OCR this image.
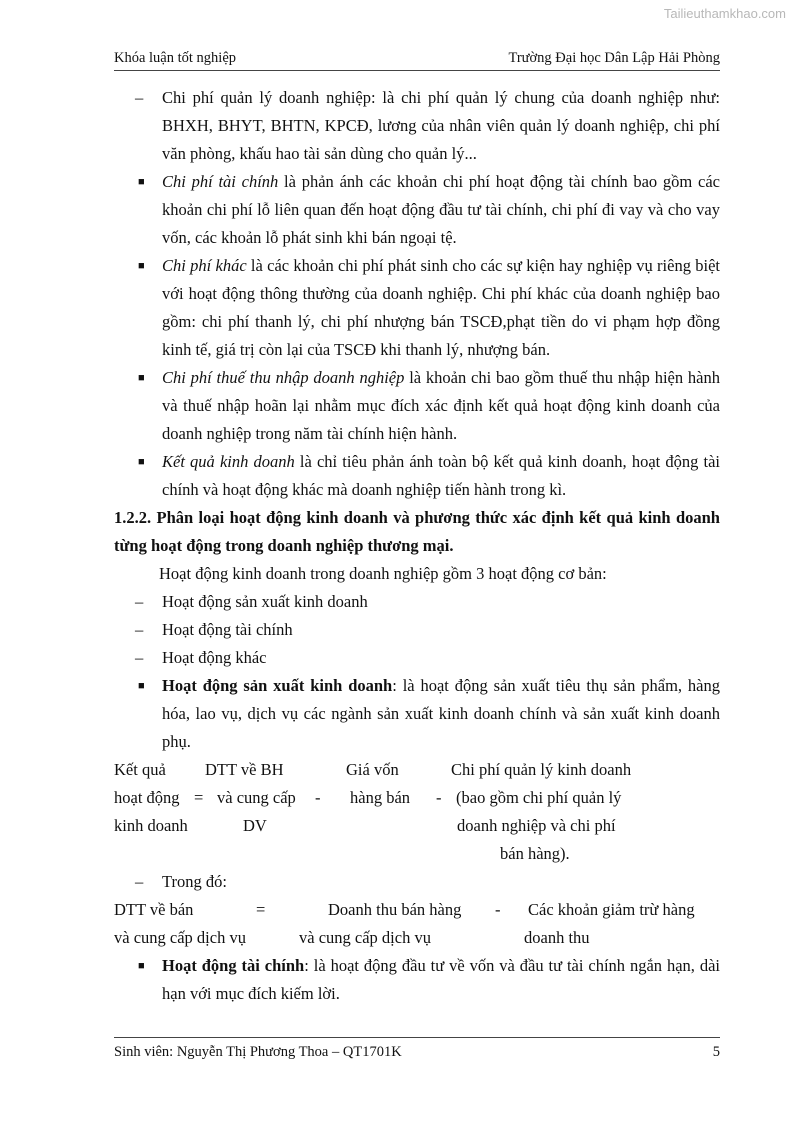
Tailieuthamkhao.com
Khóa luận tốt nghiệp	Trường Đại học Dân Lập Hải Phòng
– Chi phí quản lý doanh nghiệp: là chi phí quản lý chung của doanh nghiệp như: BHXH, BHYT, BHTN, KPCĐ, lương của nhân viên quản lý doanh nghiệp, chi phí văn phòng, khấu hao tài sản dùng cho quản lý...
■ Chi phí tài chính là phản ánh các khoản chi phí hoạt động tài chính bao gồm các khoản chi phí lỗ liên quan đến hoạt động đầu tư tài chính, chi phí đi vay và cho vay vốn, các khoản lỗ phát sinh khi bán ngoại tệ.
■ Chi phí khác là các khoản chi phí phát sinh cho các sự kiện hay nghiệp vụ riêng biệt với hoạt động thông thường của doanh nghiệp. Chi phí khác của doanh nghiệp bao gồm: chi phí thanh lý, chi phí nhượng bán TSCĐ,phạt tiền do vi phạm hợp đồng kinh tế, giá trị còn lại của TSCĐ khi thanh lý, nhượng bán.
■ Chi phí thuế thu nhập doanh nghiệp là khoản chi bao gồm thuế thu nhập hiện hành và thuế nhập hoãn lại nhằm mục đích xác định kết quả hoạt động kinh doanh của doanh nghiệp trong năm tài chính hiện hành.
■ Kết quả kinh doanh là chỉ tiêu phản ánh toàn bộ kết quả kinh doanh, hoạt động tài chính và hoạt động khác mà doanh nghiệp tiến hành trong kì.
1.2.2. Phân loại hoạt động kinh doanh và phương thức xác định kết quả kinh doanh từng hoạt động trong doanh nghiệp thương mại.
Hoạt động kinh doanh trong doanh nghiệp gồm 3 hoạt động cơ bản:
– Hoạt động sản xuất kinh doanh
– Hoạt động tài chính
– Hoạt động khác
■ Hoạt động sản xuất kinh doanh: là hoạt động sản xuất tiêu thụ sản phẩm, hàng hóa, lao vụ, dịch vụ các ngành sản xuất kinh doanh chính và sản xuất kinh doanh phụ.
Kết quả DTT về BH	Giá vốn	Chi phí quản lý kinh doanh
hoạt động = và cung cấp - hàng bán - (bao gồm chi phí quản lý
kinh doanh	DV	doanh nghiệp và chi phí
bán hàng).
– Trong đó:
DTT về bán	=	Doanh thu bán hàng - Các khoản giảm trừ hàng
và cung cấp dịch vụ	và cung cấp dịch vụ	doanh thu
■ Hoạt động tài chính: là hoạt động đầu tư về vốn và đầu tư tài chính ngắn hạn, dài hạn với mục đích kiếm lời.
Sinh viên: Nguyễn Thị Phương Thoa – QT1701K	5
